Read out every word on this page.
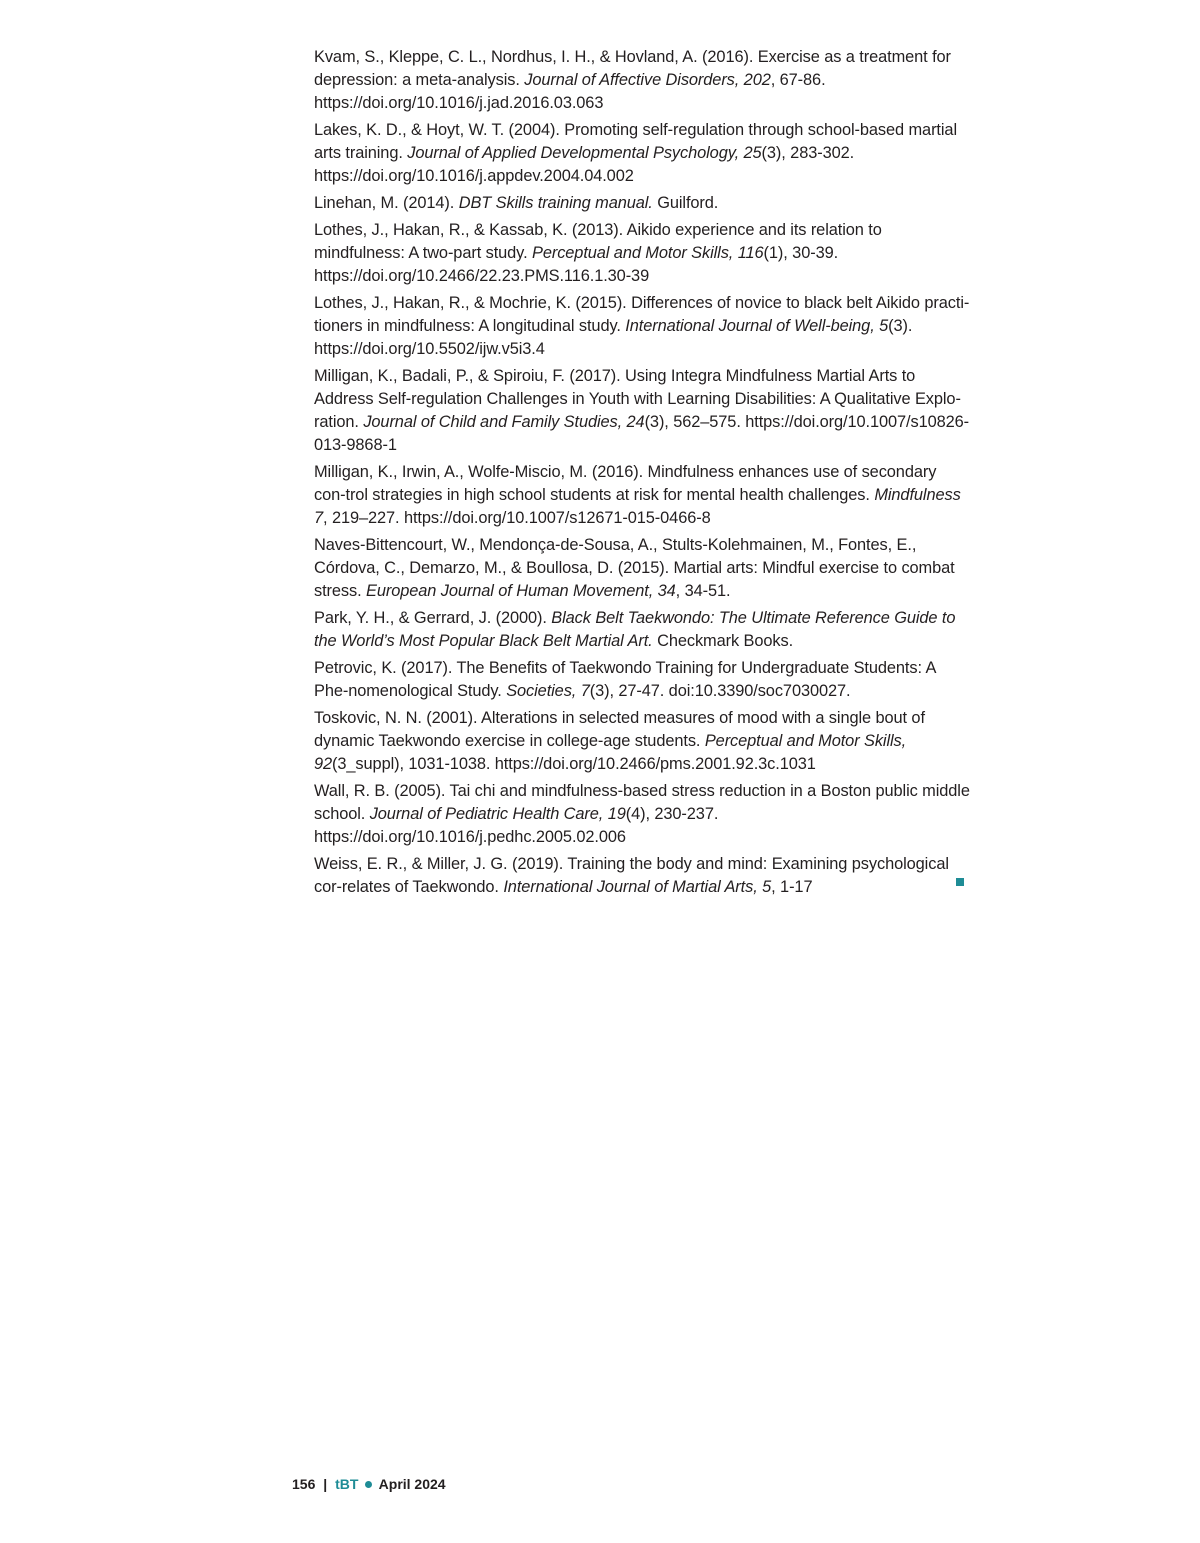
Kvam, S., Kleppe, C. L., Nordhus, I. H., & Hovland, A. (2016). Exercise as a treatment for depression: a meta-analysis. Journal of Affective Disorders, 202, 67-86. https://doi.org/10.1016/j.jad.2016.03.063

Lakes, K. D., & Hoyt, W. T. (2004). Promoting self-regulation through school-based martial arts training. Journal of Applied Developmental Psychology, 25(3), 283-302. https://doi.org/10.1016/j.appdev.2004.04.002

Linehan, M. (2014). DBT Skills training manual. Guilford.

Lothes, J., Hakan, R., & Kassab, K. (2013). Aikido experience and its relation to mindfulness: A two-part study. Perceptual and Motor Skills, 116(1), 30-39. https://doi.org/10.2466/22.23.PMS.116.1.30-39

Lothes, J., Hakan, R., & Mochrie, K. (2015). Differences of novice to black belt Aikido practi-tioners in mindfulness: A longitudinal study. International Journal of Well-being, 5(3). https://doi.org/10.5502/ijw.v5i3.4

Milligan, K., Badali, P., & Spiroiu, F. (2017). Using Integra Mindfulness Martial Arts to Address Self-regulation Challenges in Youth with Learning Disabilities: A Qualitative Explo-ration. Journal of Child and Family Studies, 24(3), 562–575. https://doi.org/10.1007/s10826-013-9868-1

Milligan, K., Irwin, A., Wolfe-Miscio, M. (2016). Mindfulness enhances use of secondary con-trol strategies in high school students at risk for mental health challenges. Mindfulness 7, 219–227. https://doi.org/10.1007/s12671-015-0466-8

Naves-Bittencourt, W., Mendonça-de-Sousa, A., Stults-Kolehmainen, M., Fontes, E., Córdova, C., Demarzo, M., & Boullosa, D. (2015). Martial arts: Mindful exercise to combat stress. European Journal of Human Movement, 34, 34-51.

Park, Y. H., & Gerrard, J. (2000). Black Belt Taekwondo: The Ultimate Reference Guide to the World’s Most Popular Black Belt Martial Art. Checkmark Books.

Petrovic, K. (2017). The Benefits of Taekwondo Training for Undergraduate Students: A Phe-nomenological Study. Societies, 7(3), 27-47. doi:10.3390/soc7030027.

Toskovic, N. N. (2001). Alterations in selected measures of mood with a single bout of dynamic Taekwondo exercise in college-age students. Perceptual and Motor Skills, 92(3_suppl), 1031-1038. https://doi.org/10.2466/pms.2001.92.3c.1031

Wall, R. B. (2005). Tai chi and mindfulness-based stress reduction in a Boston public middle school. Journal of Pediatric Health Care, 19(4), 230-237. https://doi.org/10.1016/j.pedhc.2005.02.006

Weiss, E. R., & Miller, J. G. (2019). Training the body and mind: Examining psychological cor-relates of Taekwondo. International Journal of Martial Arts, 5, 1-17

156 | tBT April 2024
